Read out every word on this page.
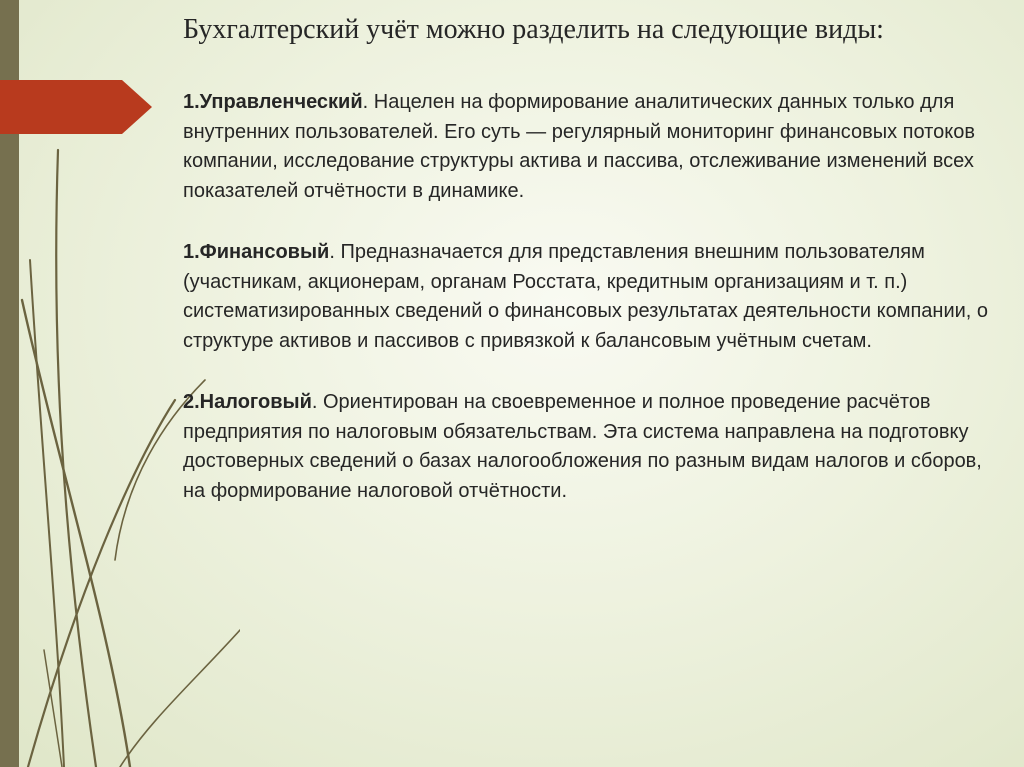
Бухгалтерский учёт можно разделить на следующие виды:

1.Управленческий. Нацелен на формирование аналитических данных только для внутренних пользователей. Его суть — регулярный мониторинг финансовых потоков компании, исследование структуры актива и пассива, отслеживание изменений всех показателей отчётности в динамике.

1.Финансовый. Предназначается для представления внешним пользователям (участникам, акционерам, органам Росстата, кредитным организациям и т. п.) систематизированных сведений о финансовых результатах деятельности компании, о структуре активов и пассивов с привязкой к балансовым учётным счетам.

2.Налоговый. Ориентирован на своевременное и полное проведение расчётов предприятия по налоговым обязательствам. Эта система направлена на подготовку достоверных сведений о базах налогообложения по разным видам налогов и сборов, на формирование налоговой отчётности.
